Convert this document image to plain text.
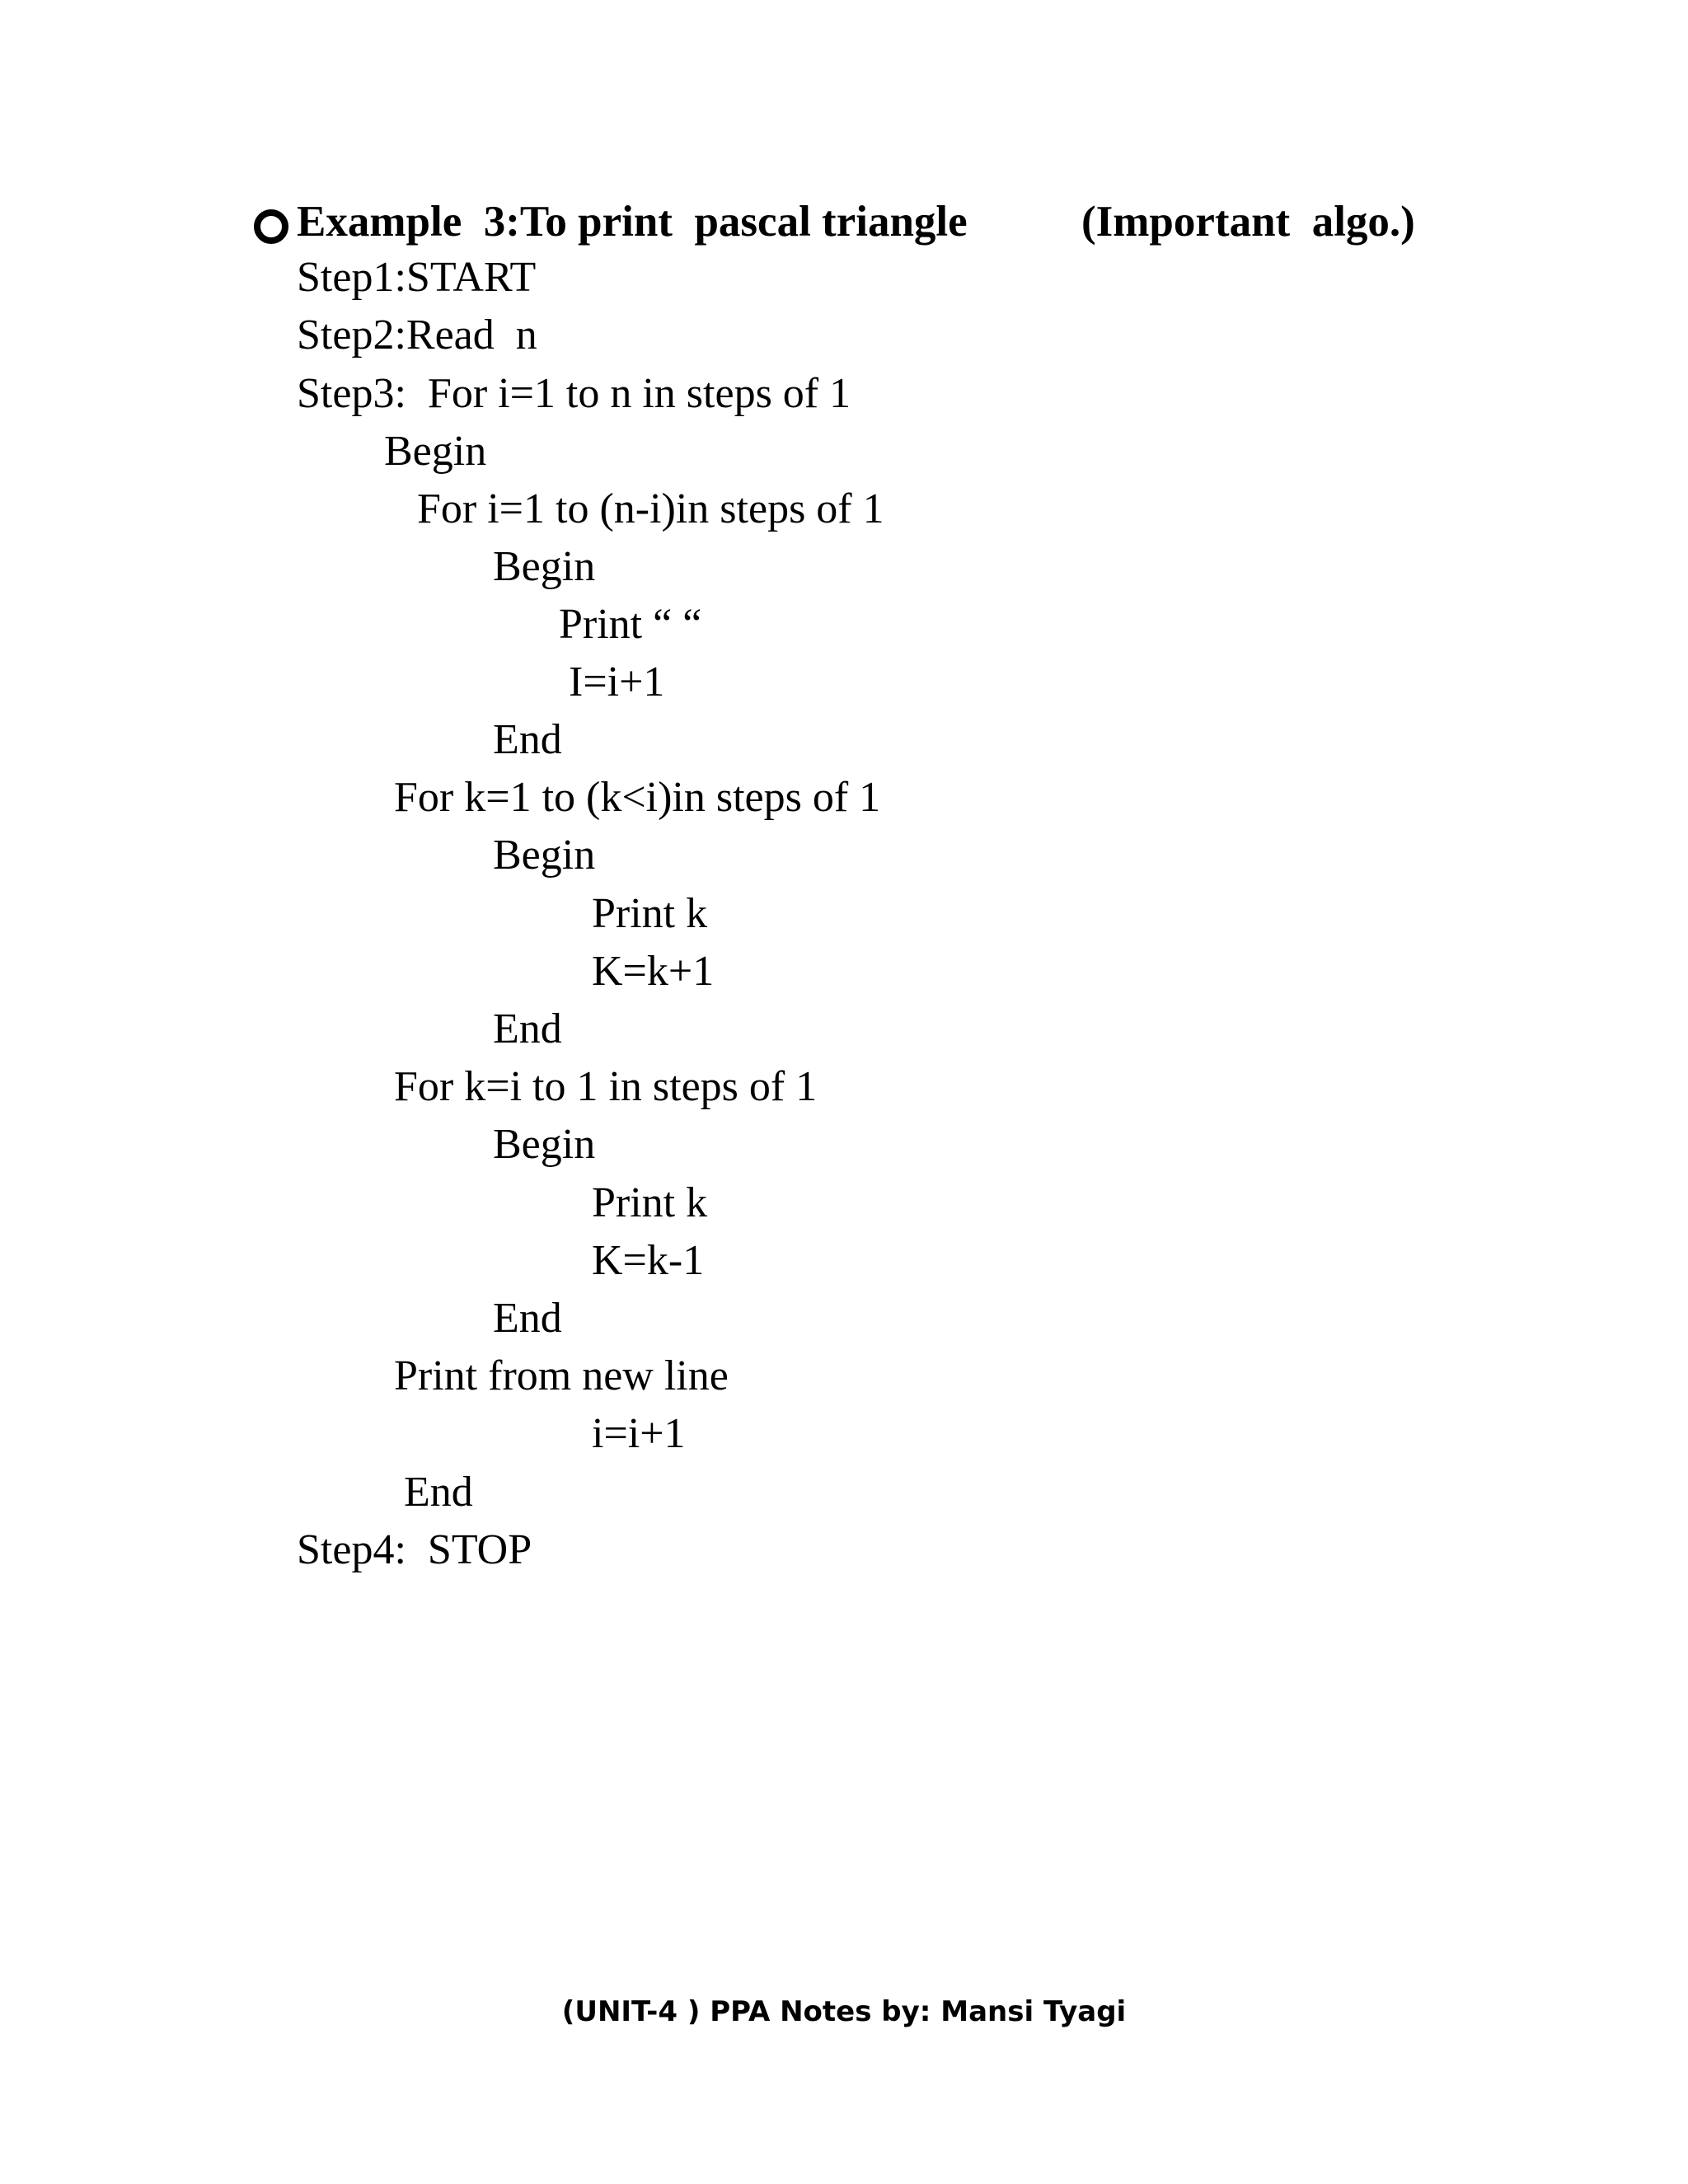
Example  3:To print  pascal triangle	(Important  algo.)
Step1:START
Step2:Read  n
Step3:  For i=1 to n in steps of 1
Begin
For i=1 to (n-i)in steps of 1
Begin
Print “ “
I=i+1
End
For k=1 to (k<i)in steps of 1
Begin
Print k
K=k+1
End
For k=i to 1 in steps of 1
Begin
Print k
K=k-1
End
Print from new line
i=i+1
End
Step4:  STOP
(UNIT-4 ) PPA Notes by: Mansi Tyagi
